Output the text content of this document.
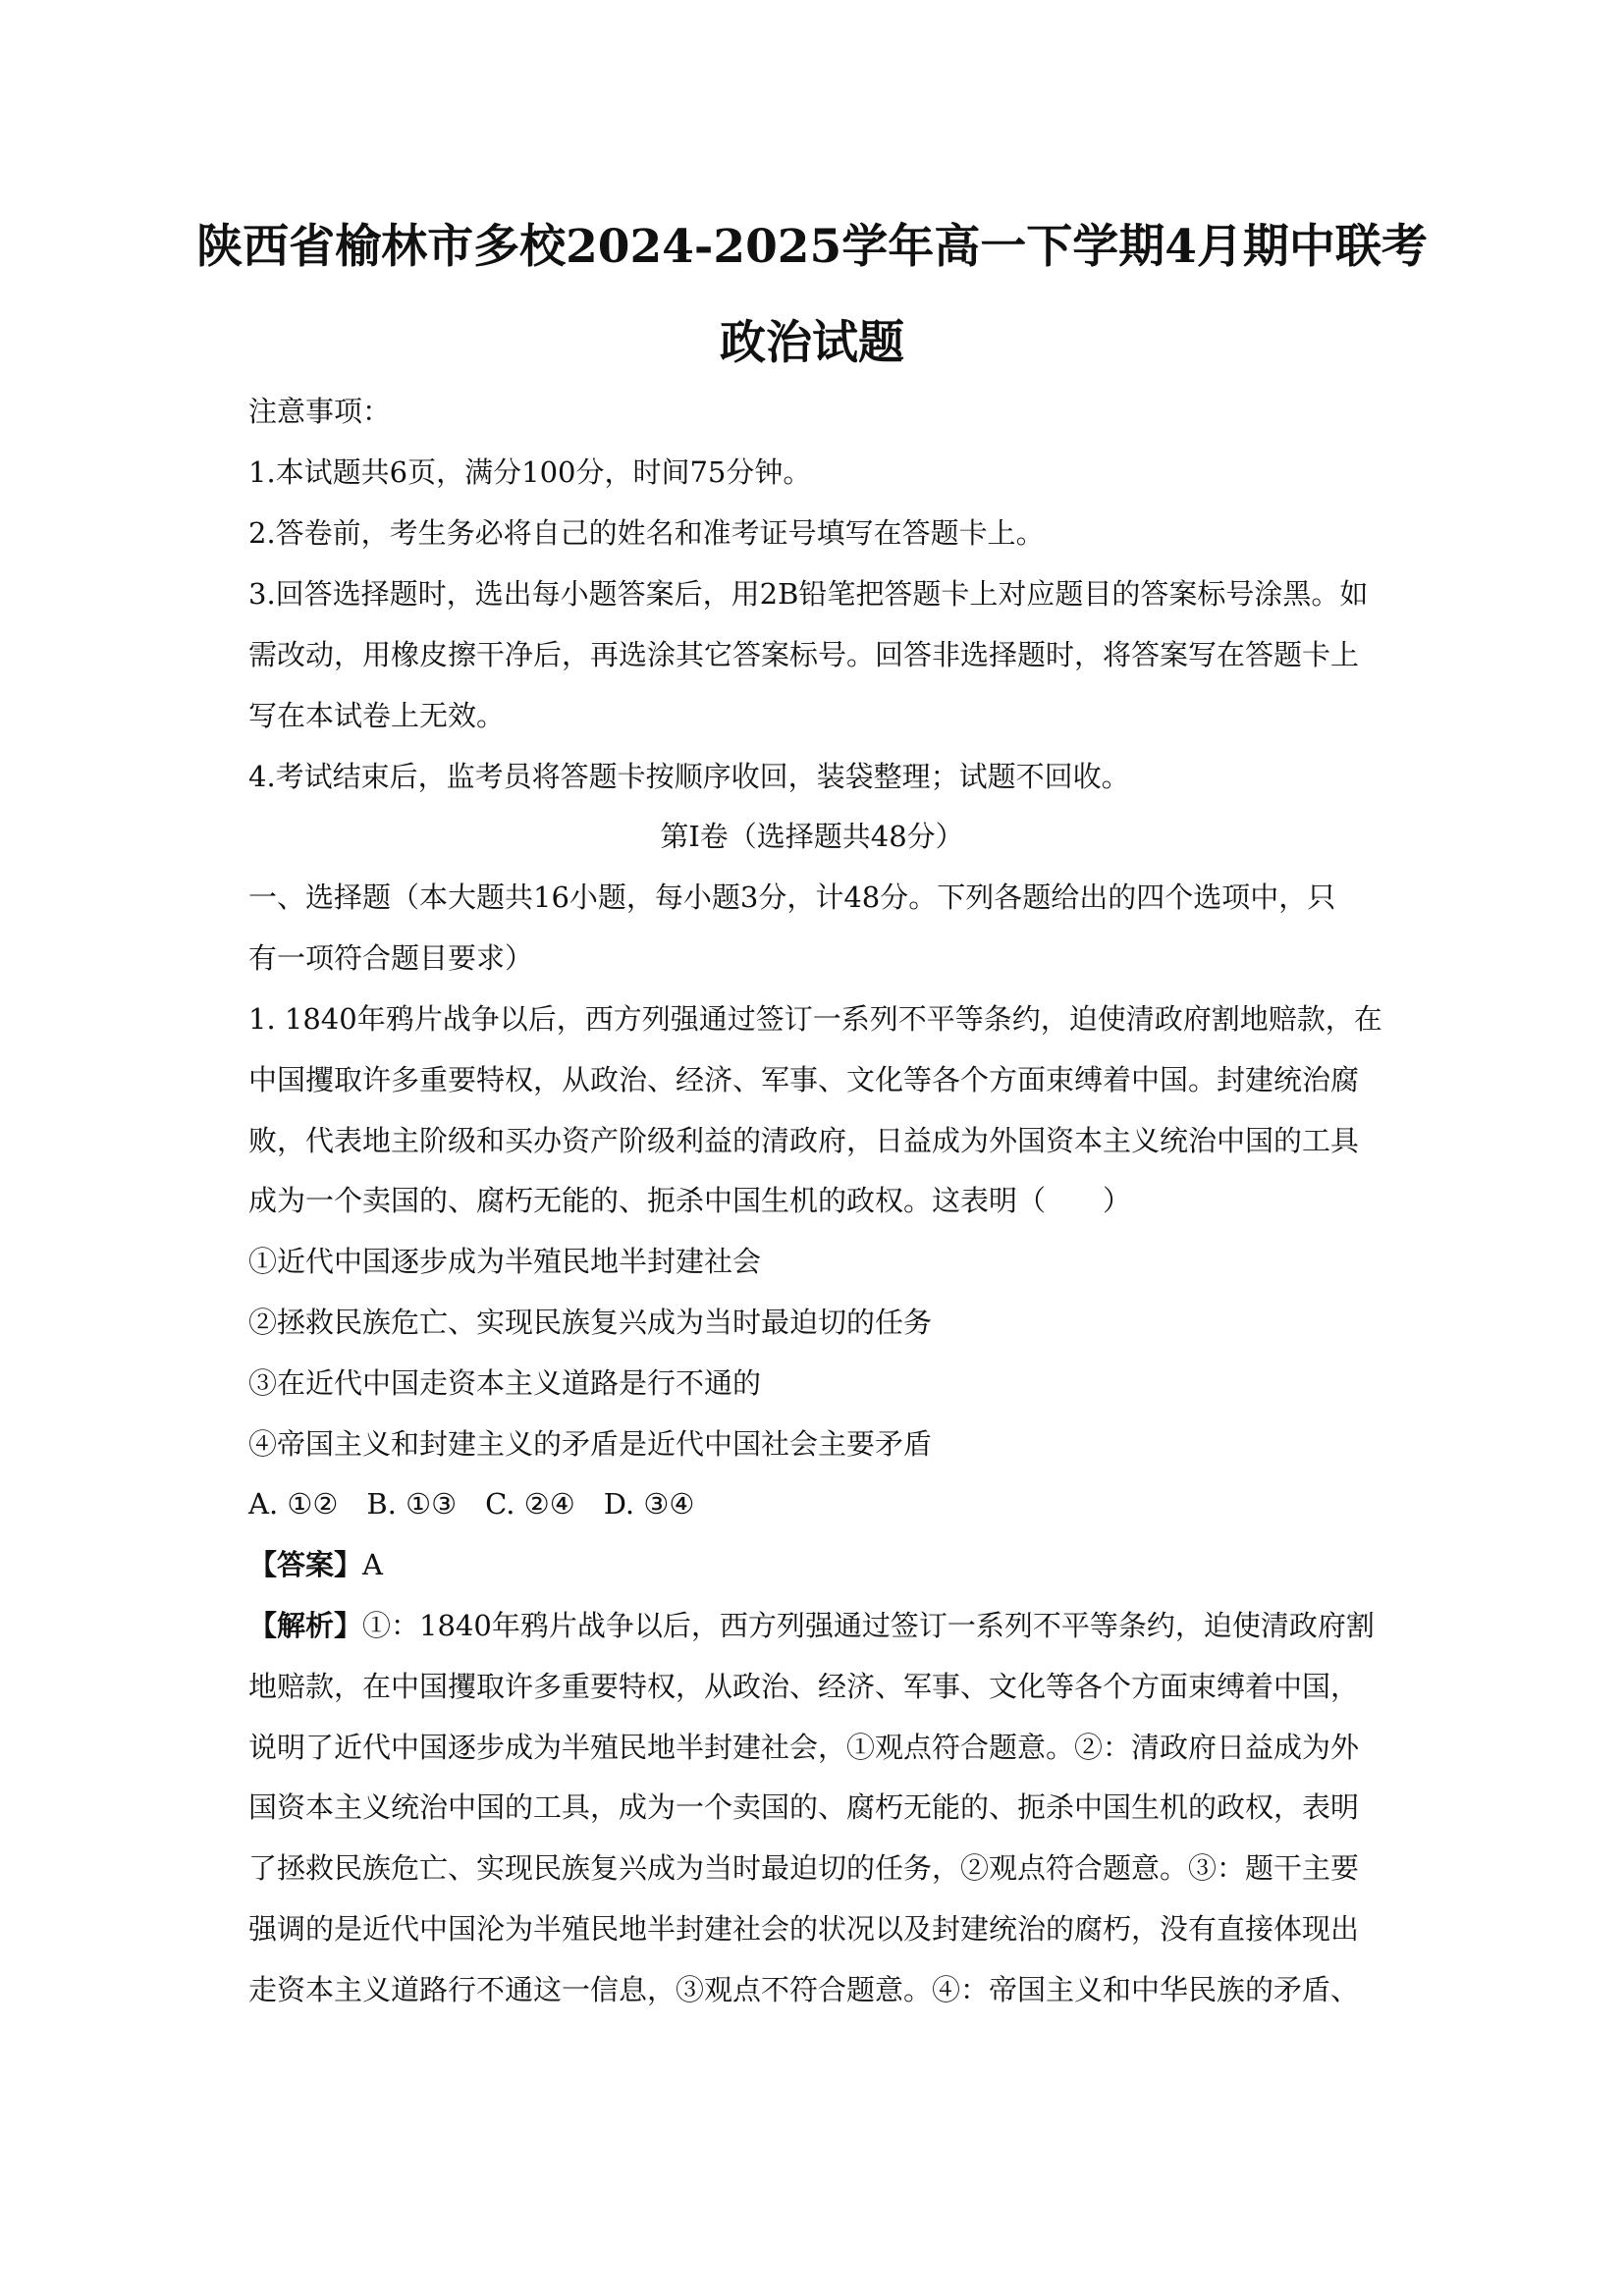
陕西省榆林市多校2024-2025学年高一下学期4月期中联考
政治试题
注意事项：
1.本试题共6页，满分100分，时间75分钟。
2.答卷前，考生务必将自己的姓名和准考证号填写在答题卡上。
3.回答选择题时，选出每小题答案后，用2B铅笔把答题卡上对应题目的答案标号涂黑。如
需改动，用橡皮擦干净后，再选涂其它答案标号。回答非选择题时，将答案写在答题卡上
写在本试卷上无效。
4.考试结束后，监考员将答题卡按顺序收回，装袋整理；试题不回收。
第Ⅰ卷（选择题共48分）
一、选择题（本大题共16小题，每小题3分，计48分。下列各题给出的四个选项中，只
有一项符合题目要求）
1. 1840年鸦片战争以后，西方列强通过签订一系列不平等条约，迫使清政府割地赔款，在
中国攫取许多重要特权，从政治、经济、军事、文化等各个方面束缚着中国。封建统治腐
败，代表地主阶级和买办资产阶级利益的清政府，日益成为外国资本主义统治中国的工具
成为一个卖国的、腐朽无能的、扼杀中国生机的政权。这表明（　　）
①近代中国逐步成为半殖民地半封建社会
②拯救民族危亡、实现民族复兴成为当时最迫切的任务
③在近代中国走资本主义道路是行不通的
④帝国主义和封建主义的矛盾是近代中国社会主要矛盾
A. ①②　B. ①③　C. ②④　D. ③④
【答案】A
【解析】①：1840年鸦片战争以后，西方列强通过签订一系列不平等条约，迫使清政府割
地赔款，在中国攫取许多重要特权，从政治、经济、军事、文化等各个方面束缚着中国，
说明了近代中国逐步成为半殖民地半封建社会，①观点符合题意。②：清政府日益成为外
国资本主义统治中国的工具，成为一个卖国的、腐朽无能的、扼杀中国生机的政权，表明
了拯救民族危亡、实现民族复兴成为当时最迫切的任务，②观点符合题意。③：题干主要
强调的是近代中国沦为半殖民地半封建社会的状况以及封建统治的腐朽，没有直接体现出
走资本主义道路行不通这一信息，③观点不符合题意。④：帝国主义和中华民族的矛盾、
